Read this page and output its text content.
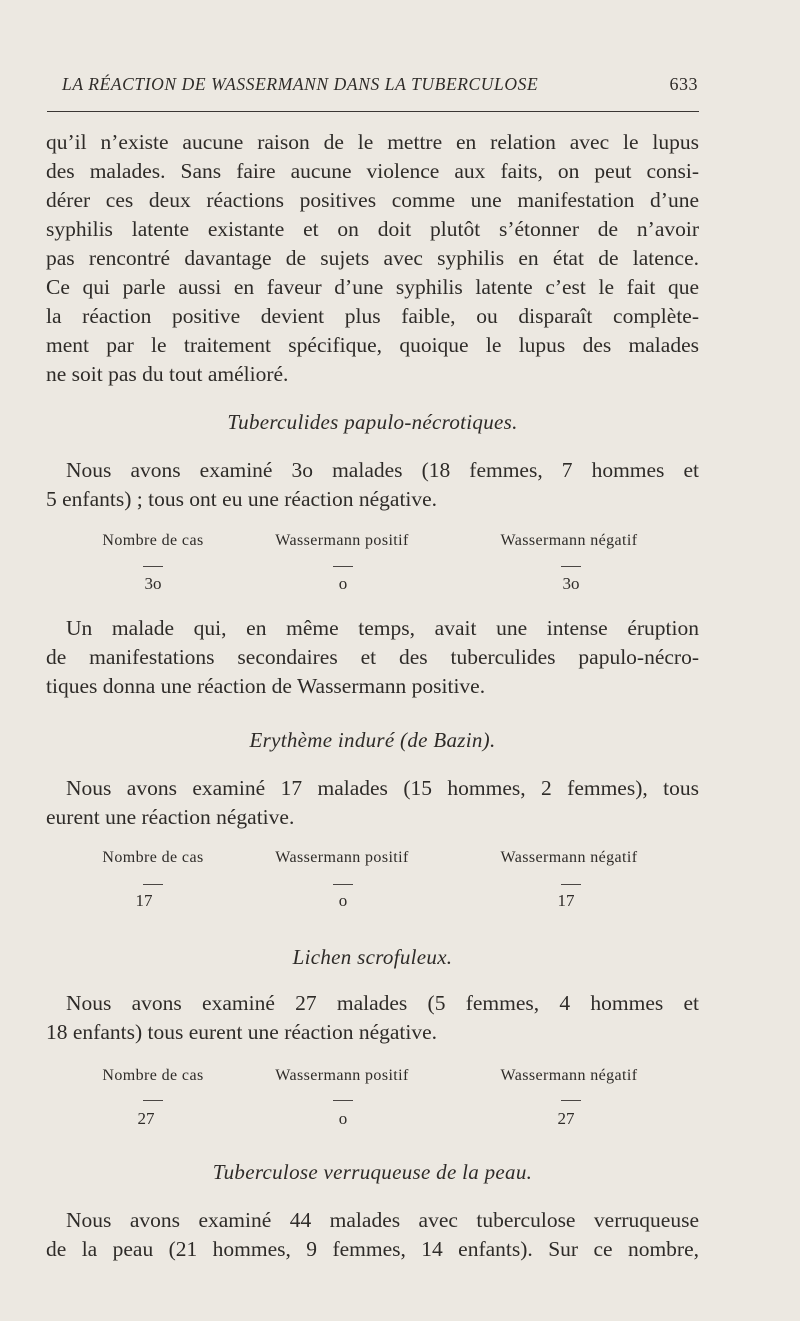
LA RÉACTION DE WASSERMANN DANS LA TUBERCULOSE	633

qu’il n’existe aucune raison de le mettre en relation avec le lupus

des malades. Sans faire aucune violence aux faits, on peut consi-

dérer ces deux réactions positives comme une manifestation d’une

syphilis latente existante et on doit plutôt s’étonner de n’avoir

pas rencontré davantage de sujets avec syphilis en état de latence.

Ce qui parle aussi en faveur d’une syphilis latente c’est le fait que

la réaction positive devient plus faible, ou disparaît complète-

ment par le traitement spécifique, quoique le lupus des malades

ne soit pas du tout amélioré.

Tuberculides papulo-nécrotiques.

Nous avons examiné 3o malades (18 femmes, 7 hommes et

5 enfants) ; tous ont eu une réaction négative.

Nombre de cas	Wassermann positif	Wassermann négatif
3o	o	3o

Un malade qui, en même temps, avait une intense éruption

de manifestations secondaires et des tuberculides papulo-nécro-

tiques donna une réaction de Wassermann positive.

Erythème induré (de Bazin).

Nous avons examiné 17 malades (15 hommes, 2 femmes), tous

eurent une réaction négative.

Nombre de cas	Wassermann positif	Wassermann négatif
17	o	17
Lichen scrofuleux.

Nous avons examiné 27 malades (5 femmes, 4 hommes et

18 enfants) tous eurent une réaction négative.

Nombre de cas	Wassermann positif	Wassermann négatif
27	o	27
Tuberculose verruqueuse de la peau.

Nous avons examiné 44 malades avec tuberculose verruqueuse

de la peau (21 hommes, 9 femmes, 14 enfants). Sur ce nombre,
